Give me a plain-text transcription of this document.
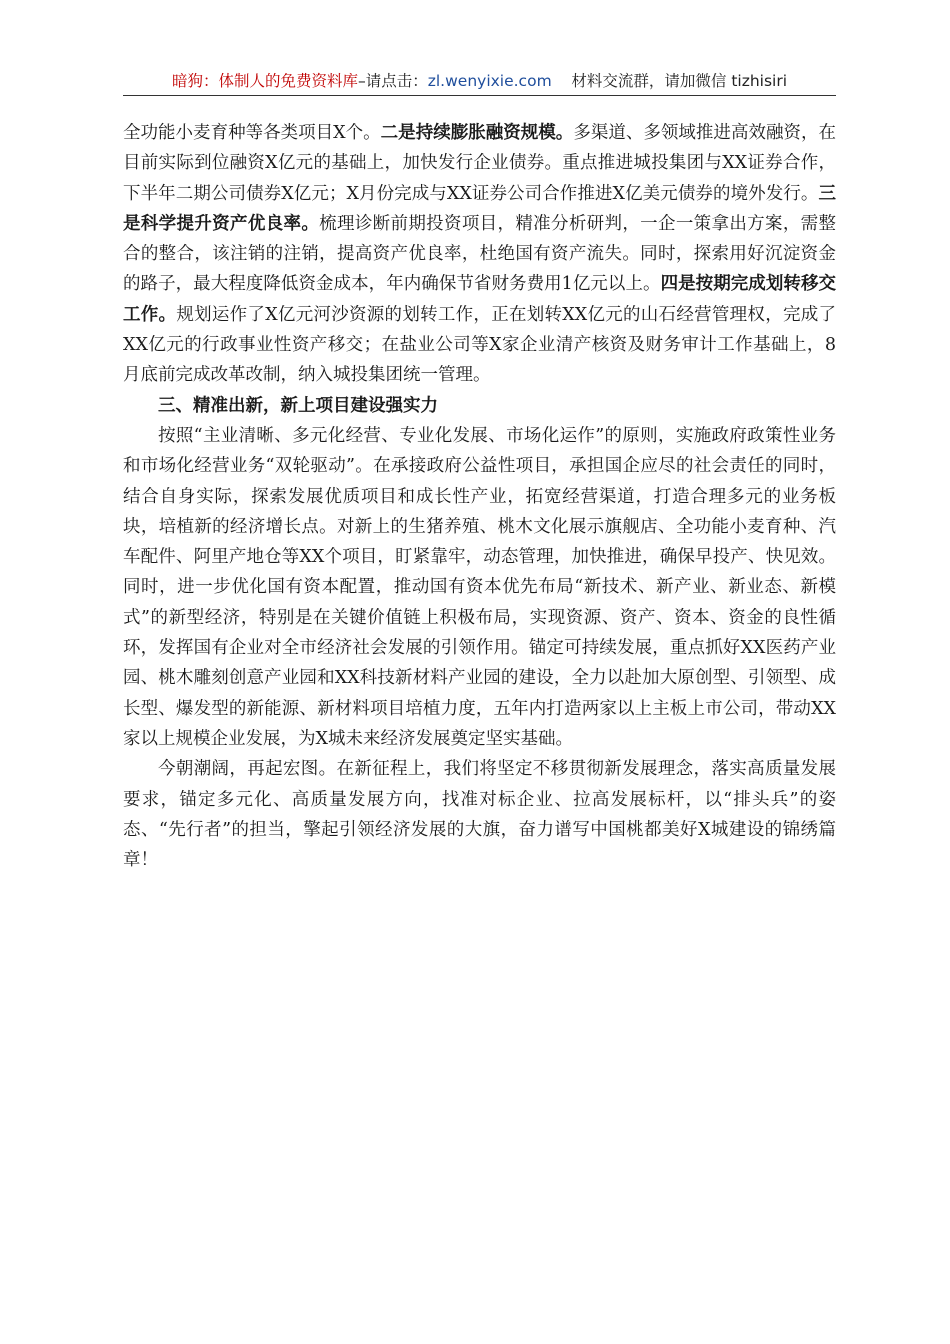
暗狗：体制人的免费资料库–请点击：zl.wenyixie.com 材料交流群，请加微信 tizhisiri

全功能小麦育种等各类项目X个。二是持续膨胀融资规模。多渠道、多领域推进高效融资，在目前实际到位融资X亿元的基础上，加快发行企业债券。重点推进城投集团与XX证券合作，下半年二期公司债券X亿元；X月份完成与XX证券公司合作推进X亿美元债券的境外发行。三是科学提升资产优良率。梳理诊断前期投资项目，精准分析研判，一企一策拿出方案，需整合的整合，该注销的注销，提高资产优良率，杜绝国有资产流失。同时，探索用好沉淀资金的路子，最大程度降低资金成本，年内确保节省财务费用1亿元以上。四是按期完成划转移交工作。规划运作了X亿元河沙资源的划转工作，正在划转XX亿元的山石经营管理权，完成了XX亿元的行政事业性资产移交；在盐业公司等X家企业清产核资及财务审计工作基础上，8月底前完成改革改制，纳入城投集团统一管理。

三、精准出新，新上项目建设强实力

按照“主业清晰、多元化经营、专业化发展、市场化运作”的原则，实施政府政策性业务和市场化经营业务“双轮驱动”。在承接政府公益性项目，承担国企应尽的社会责任的同时，结合自身实际，探索发展优质项目和成长性产业，拓宽经营渠道，打造合理多元的业务板块，培植新的经济增长点。对新上的生猪养殖、桃木文化展示旗舰店、全功能小麦育种、汽车配件、阿里产地仓等XX个项目，盯紧靠牢，动态管理，加快推进，确保早投产、快见效。同时，进一步优化国有资本配置，推动国有资本优先布局“新技术、新产业、新业态、新模式”的新型经济，特别是在关键价值链上积极布局，实现资源、资产、资本、资金的良性循环，发挥国有企业对全市经济社会发展的引领作用。锚定可持续发展，重点抓好XX医药产业园、桃木雕刻创意产业园和XX科技新材料产业园的建设，全力以赴加大原创型、引领型、成长型、爆发型的新能源、新材料项目培植力度，五年内打造两家以上主板上市公司，带动XX家以上规模企业发展，为X城未来经济发展奠定坚实基础。

今朝潮阔，再起宏图。在新征程上，我们将坚定不移贯彻新发展理念，落实高质量发展要求，锚定多元化、高质量发展方向，找准对标企业、拉高发展标杆，以“排头兵”的姿态、“先行者”的担当，擎起引领经济发展的大旗，奋力谱写中国桃都美好X城建设的锦绣篇章！
